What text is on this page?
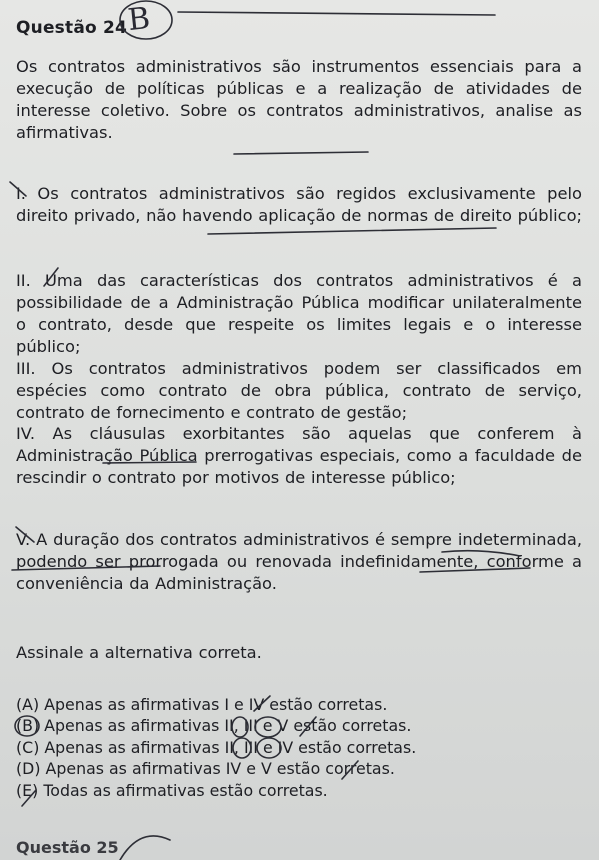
Questão 24 B
Os contratos administrativos são instrumentos essenciais para a execução de políticas públicas e a realização de atividades de interesse coletivo. Sobre os contratos administrativos, analise as afirmativas.
I. Os contratos administrativos são regidos exclusivamente pelo direito privado, não havendo aplicação de normas de direito público;
II. Uma das características dos contratos administrativos é a possibilidade de a Administração Pública modificar unilateralmente o contrato, desde que respeite os limites legais e o interesse público;
III. Os contratos administrativos podem ser classificados em espécies como contrato de obra pública, contrato de serviço, contrato de fornecimento e contrato de gestão;
IV. As cláusulas exorbitantes são aquelas que conferem à Administração Pública prerrogativas especiais, como a faculdade de rescindir o contrato por motivos de interesse público;
V. A duração dos contratos administrativos é sempre indeterminada, podendo ser prorrogada ou renovada indefinidamente, conforme a conveniência da Administração.
Assinale a alternativa correta.
(A) Apenas as afirmativas I e IV estão corretas.
(B) Apenas as afirmativas II, III e V estão corretas.
(C) Apenas as afirmativas II, III e IV estão corretas.
(D) Apenas as afirmativas IV e V estão corretas.
(E) Todas as afirmativas estão corretas.
Questão 25
